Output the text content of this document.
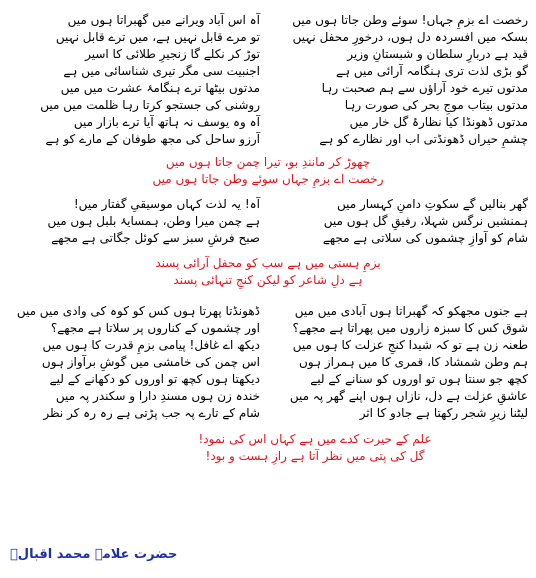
رخصت اے بزمِ جہاں! سوئے وطن جاتا ہوں میں
بسکہ میں افسردہ دل ہوں، درخورِ محفل نہیں
قید ہے دربارِ سلطان و شبستانِ وزیر
گو بڑی لذت تری ہنگامہ آرائی میں ہے
مدتوں تیرے خود آراؤں سے ہم صحبت رہا
مدتوں بیتاب موجِ بحر کی صورت رہا
مدتوں ڈھونڈا کیا نظارۂ گل خار میں
چشمِ حیراں ڈھونڈتی اب اور نظارے کو ہے
آہ اس آباد ویرانے میں گھبراتا ہوں میں
تو مرے قابل نہیں ہے، میں ترے قابل نہیں
توڑ کر نکلے گا زنجیرِ طلائی کا اسیر
اجنبیت سی مگر تیری شناسائی میں ہے
مدتوں بیٹھا ترے ہنگامۂ عشرت میں میں
روشنی کی جستجو کرتا رہا ظلمت میں میں
آہ وہ یوسف نہ ہاتھ آیا ترے بازار میں
آرزو ساحل کی مجھ طوفان کے مارے کو ہے
چھوڑ کر مانندِ بو، تیرا چمن جاتا ہوں میں
رخصت اے بزمِ جہاں سوئے وطن جاتا ہوں میں
گھر بنالیں گے سکوتِ دامنِ کہسار میں
ہمنشیں نرگس شہلا، رفیقِ گل ہوں میں
شام کو آوازِ چشموں کی سلاتی ہے مجھے
آہ! یہ لذت کہاں موسیقیِ گفتار میں!
ہے چمن میرا وطن، ہمسایۂ بلبل ہوں میں
صبح فرشِ سبز سے کوئل جگاتی ہے مجھے
بزمِ ہستی میں ہے سب کو محفل آرائی پسند
ہے دلِ شاعر کو لیکن کنجِ تنہائی پسند
ہے جنوں مجھکو کہ گھبراتا ہوں آبادی میں میں
شوق کس کا سبزہ زاروں میں پھراتا ہے مجھے؟
طعنہ زن ہے تو کہ شیدا کنجِ عزلت کا ہوں میں
ہم وطن شمشاد کا، قمری کا میں ہمراز ہوں
کچھ جو سنتا ہوں تو اوروں کو سنانے کے لیے
عاشقِ عزلت ہے دل، نازاں ہوں اپنے گھر پہ میں
لیٹنا زیرِ شجر رکھتا ہے جادو کا اثر
ڈھونڈتا پھرتا ہوں کس کو کوہ کی وادی میں میں
اور چشموں کے کناروں پر سلاتا ہے مجھے؟
دیکھ اے غافل! پیامی بزمِ قدرت کا ہوں میں
اس چمن کی خامشی میں گوشِ برآواز ہوں
دیکھتا ہوں کچھ تو اوروں کو دکھانے کے لیے
خندہ زن ہوں مسندِ دارا و سکندر پہ میں
شام کے تارے پہ جب پڑتی ہے رہ رہ کر نظر
علم کے حیرت کدے میں ہے کہاں اس کی نمود!
گل کی پتی میں نظر آتا ہے رازِ ہست و بود!
حضرت علامہ محمد اقبالؒ
